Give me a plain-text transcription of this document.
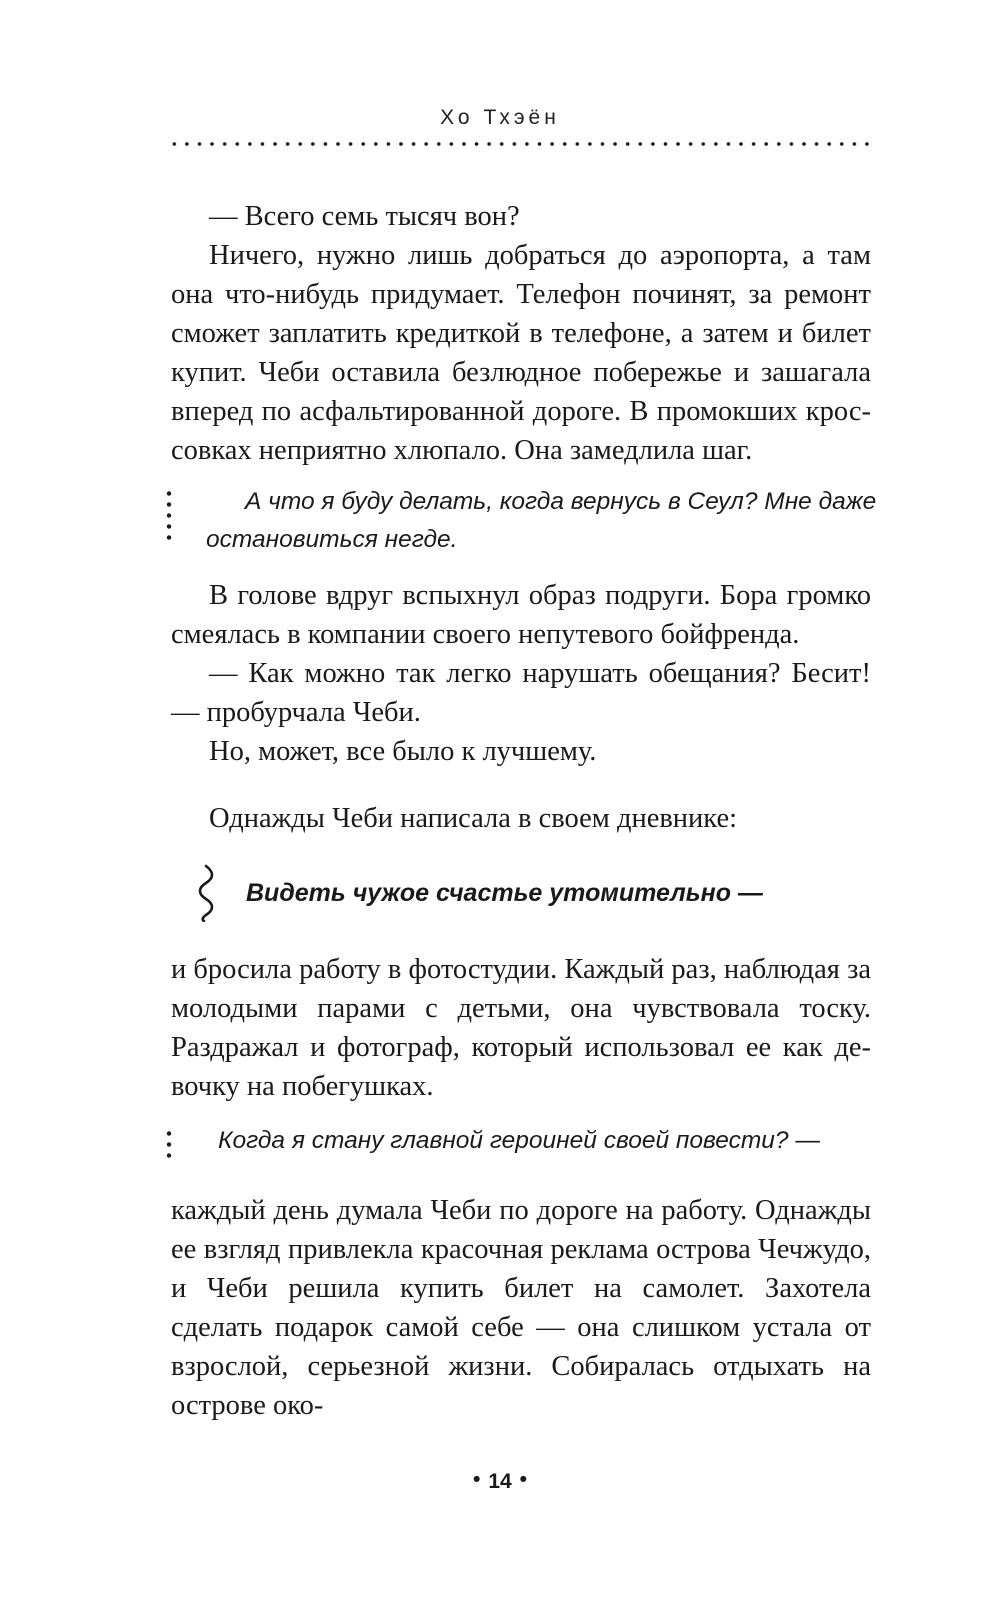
Хо Тхэён

— Всего семь тысяч вон?

Ничего, нужно лишь добраться до аэропорта, а там она что-нибудь придумает. Телефон починят, за ремонт сможет заплатить кредиткой в телефоне, а затем и билет купит. Чеби оставила безлюдное побережье и зашагала вперед по асфальтированной дороге. В промокших кроссовках неприятно хлюпало. Она замедлила шаг.

А что я буду делать, когда вернусь в Сеул? Мне даже

остановиться негде.

В голове вдруг вспыхнул образ подруги. Бора громко смеялась в компании своего непутевого бойфренда.

— Как можно так легко нарушать обещания? Бесит! — пробурчала Чеби.

Но, может, все было к лучшему.

Однажды Чеби написала в своем дневнике:

Видеть чужое счастье утомительно —

и бросила работу в фотостудии. Каждый раз, наблюдая за молодыми парами с детьми, она чувствовала тоску. Раздражал и фотограф, который использовал ее как девочку на побегушках.

Когда я стану главной героиней своей повести? —

каждый день думала Чеби по дороге на работу. Однажды ее взгляд привлекла красочная реклама острова Чечжудо, и Чеби решила купить билет на самолет. Захотела сделать подарок самой себе — она слишком устала от взрослой, серьезной жизни. Собиралась отдыхать на острове око-

• 14 •
